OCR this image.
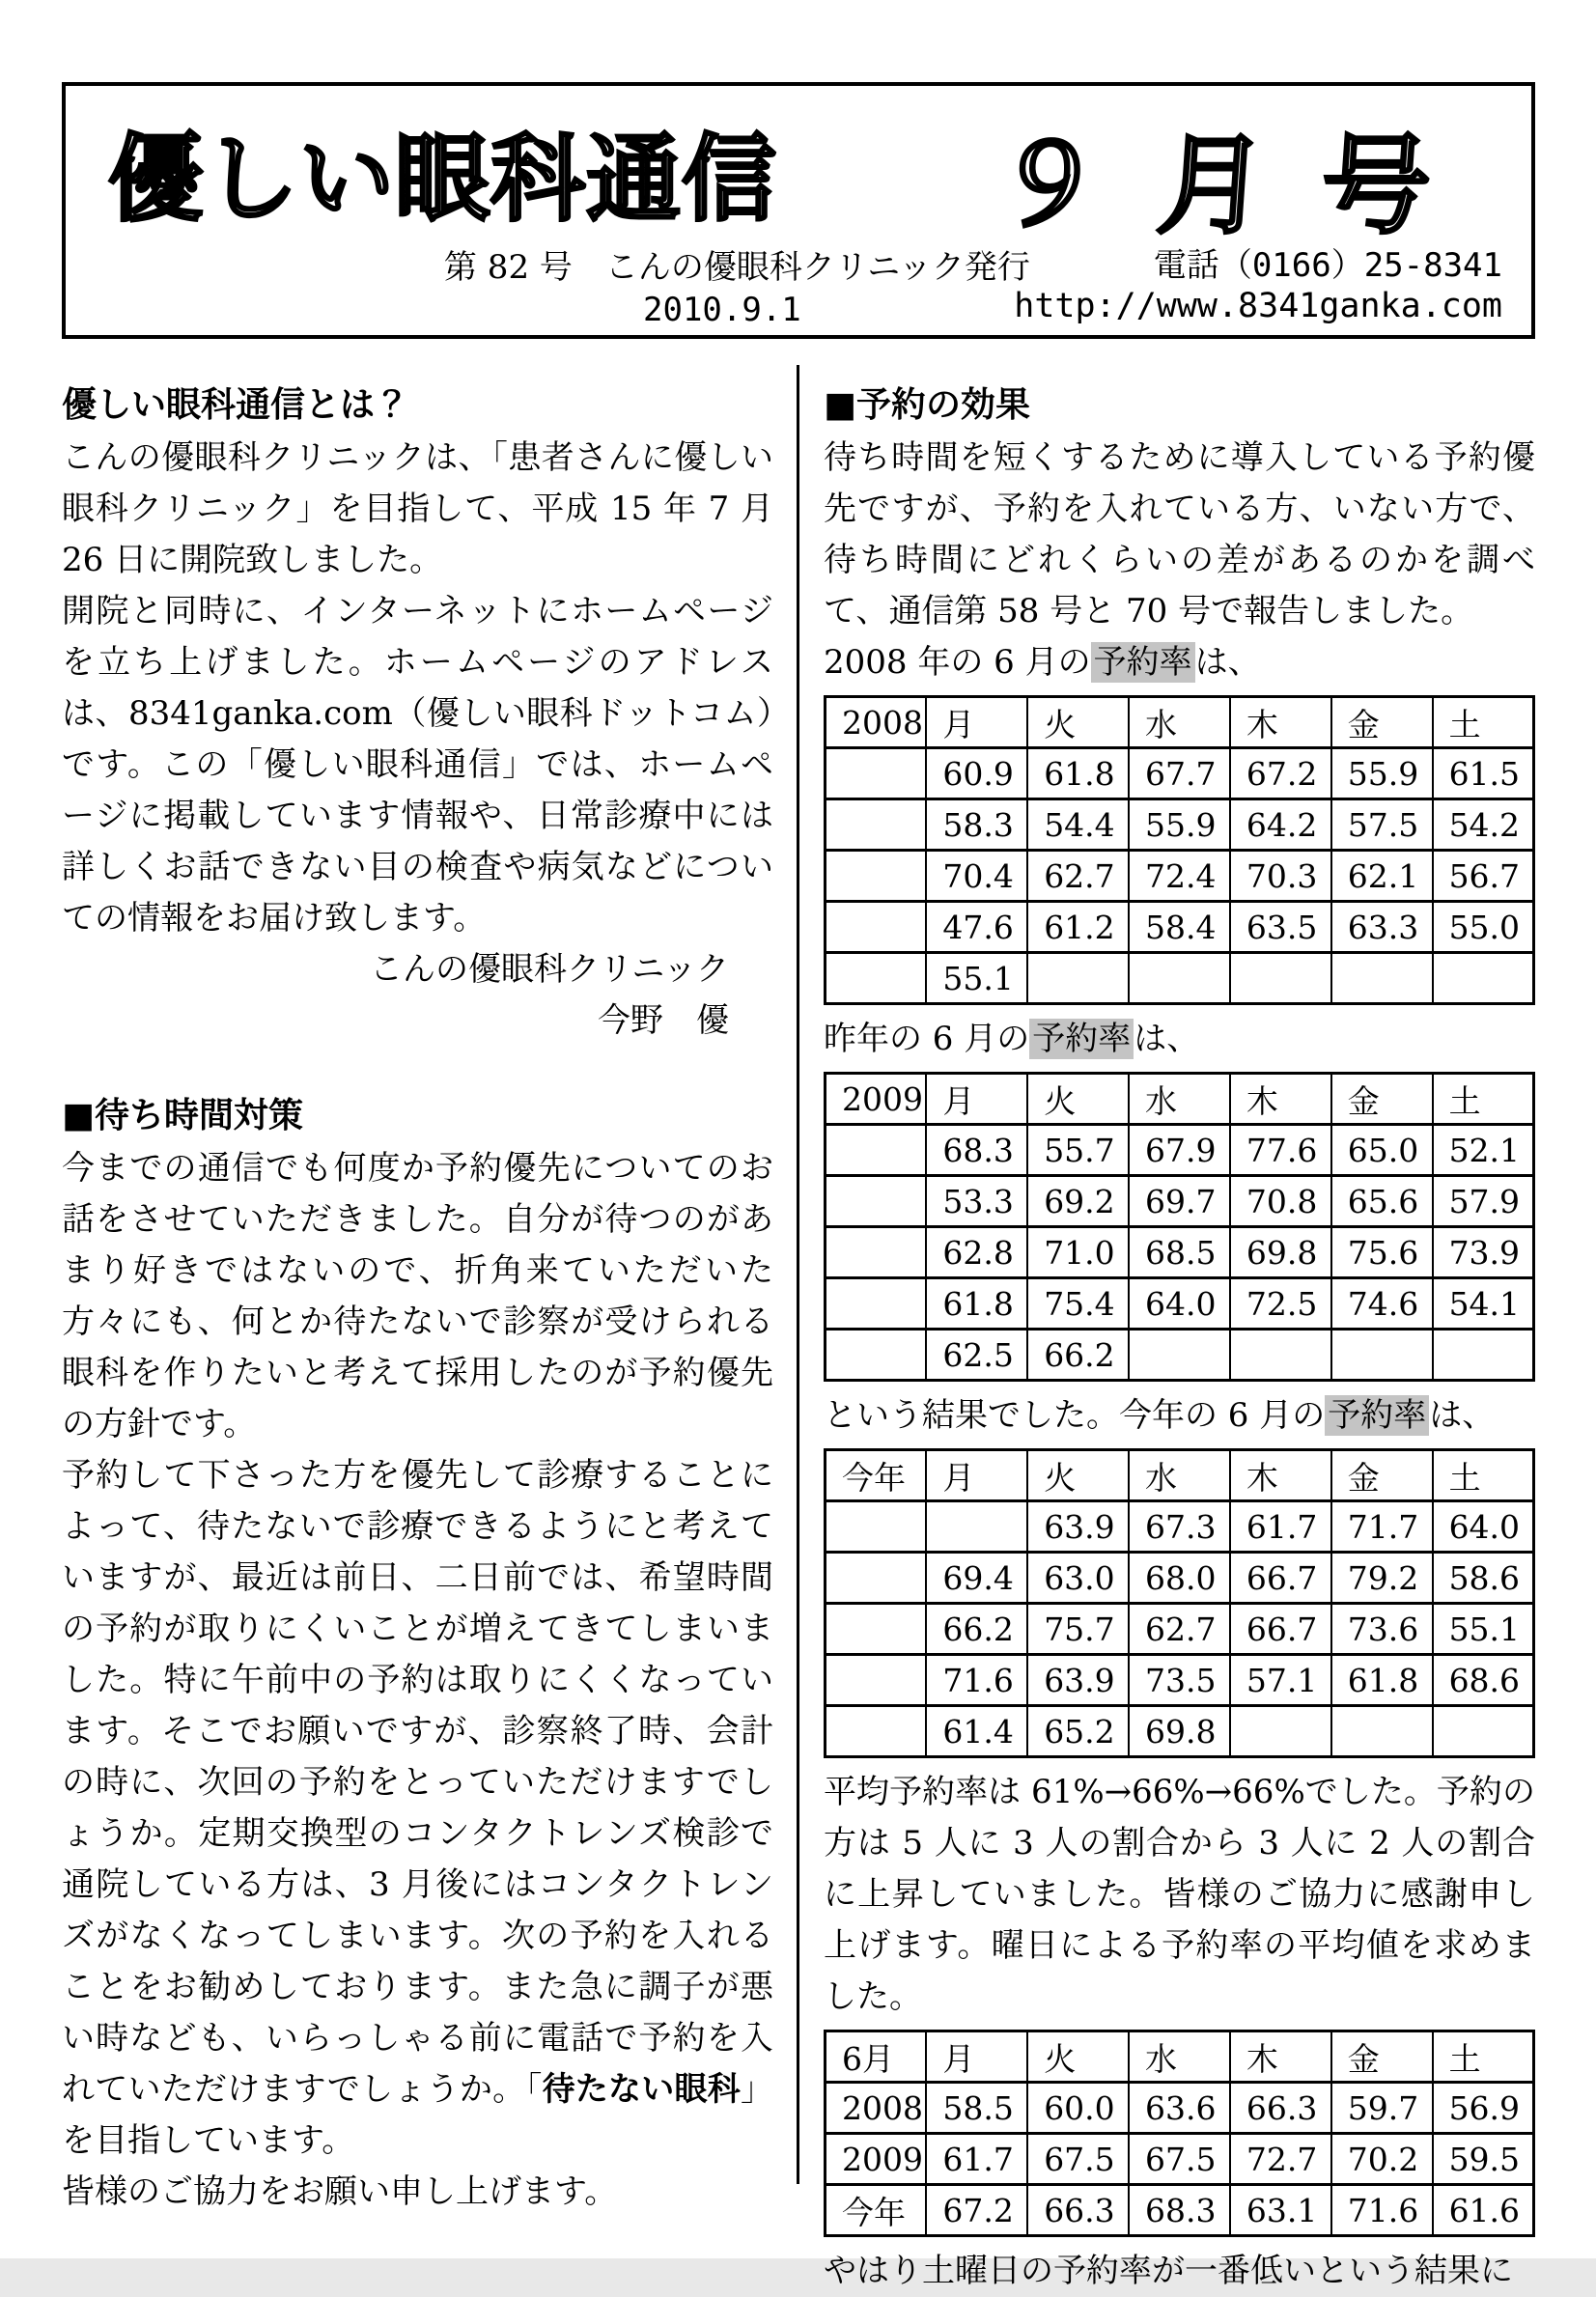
優しい眼科通信 ９月号
第 82 号　こんの優眼科クリニック発行	電話（0166）25-8341
2010.9.1	http://www.8341ganka.com
優しい眼科通信とは？

こんの優眼科クリニックは、「患者さんに優しい眼科クリニック」を目指して、平成 15 年 7 月 26 日に開院致しました。

開院と同時に、インターネットにホームページを立ち上げました。ホームページのアドレスは、8341ganka.com（優しい眼科ドットコム）です。この「優しい眼科通信」では、ホームページに掲載しています情報や、日常診療中には詳しくお話できない目の検査や病気などについての情報をお届け致します。

こんの優眼科クリニック
今野　優
■待ち時間対策

今までの通信でも何度か予約優先についてのお話をさせていただきました。自分が待つのがあまり好きではないので、折角来ていただいた方々にも、何とか待たないで診察が受けられる眼科を作りたいと考えて採用したのが予約優先の方針です。

予約して下さった方を優先して診療することによって、待たないで診療できるようにと考えていますが、最近は前日、二日前では、希望時間の予約が取りにくいことが増えてきてしまいました。特に午前中の予約は取りにくくなっています。そこでお願いですが、診察終了時、会計の時に、次回の予約をとっていただけますでしょうか。定期交換型のコンタクトレンズ検診で通院している方は、3 月後にはコンタクトレンズがなくなってしまいます。次の予約を入れることをお勧めしております。また急に調子が悪い時なども、いらっしゃる前に電話で予約を入れていただけますでしょうか。「待たない眼科」を目指しています。

皆様のご協力をお願い申し上げます。

■予約の効果

待ち時間を短くするために導入している予約優先ですが、予約を入れている方、いない方で、待ち時間にどれくらいの差があるのかを調べて、通信第 58 号と 70 号で報告しました。

2008 年の 6 月の予約率は、

2008	月	火	水	木	金	土
	60.9	61.8	67.7	67.2	55.9	61.5
	58.3	54.4	55.9	64.2	57.5	54.2
	70.4	62.7	72.4	70.3	62.1	56.7
	47.6	61.2	58.4	63.5	63.3	55.0
	55.1					

昨年の 6 月の予約率は、

2009	月	火	水	木	金	土
	68.3	55.7	67.9	77.6	65.0	52.1
	53.3	69.2	69.7	70.8	65.6	57.9
	62.8	71.0	68.5	69.8	75.6	73.9
	61.8	75.4	64.0	72.5	74.6	54.1
	62.5	66.2				

という結果でした。今年の 6 月の予約率は、

今年	月	火	水	木	金	土
		63.9	67.3	61.7	71.7	64.0
	69.4	63.0	68.0	66.7	79.2	58.6
	66.2	75.7	62.7	66.7	73.6	55.1
	71.6	63.9	73.5	57.1	61.8	68.6
	61.4	65.2	69.8			

平均予約率は 61%→66%→66%でした。予約の方は 5 人に 3 人の割合から 3 人に 2 人の割合に上昇していました。皆様のご協力に感謝申し上げます。曜日による予約率の平均値を求めました。

6月	月	火	水	木	金	土
2008	58.5	60.0	63.6	66.3	59.7	56.9
2009	61.7	67.5	67.5	72.7	70.2	59.5
今年	67.2	66.3	68.3	63.1	71.6	61.6

やはり土曜日の予約率が一番低いという結果に
